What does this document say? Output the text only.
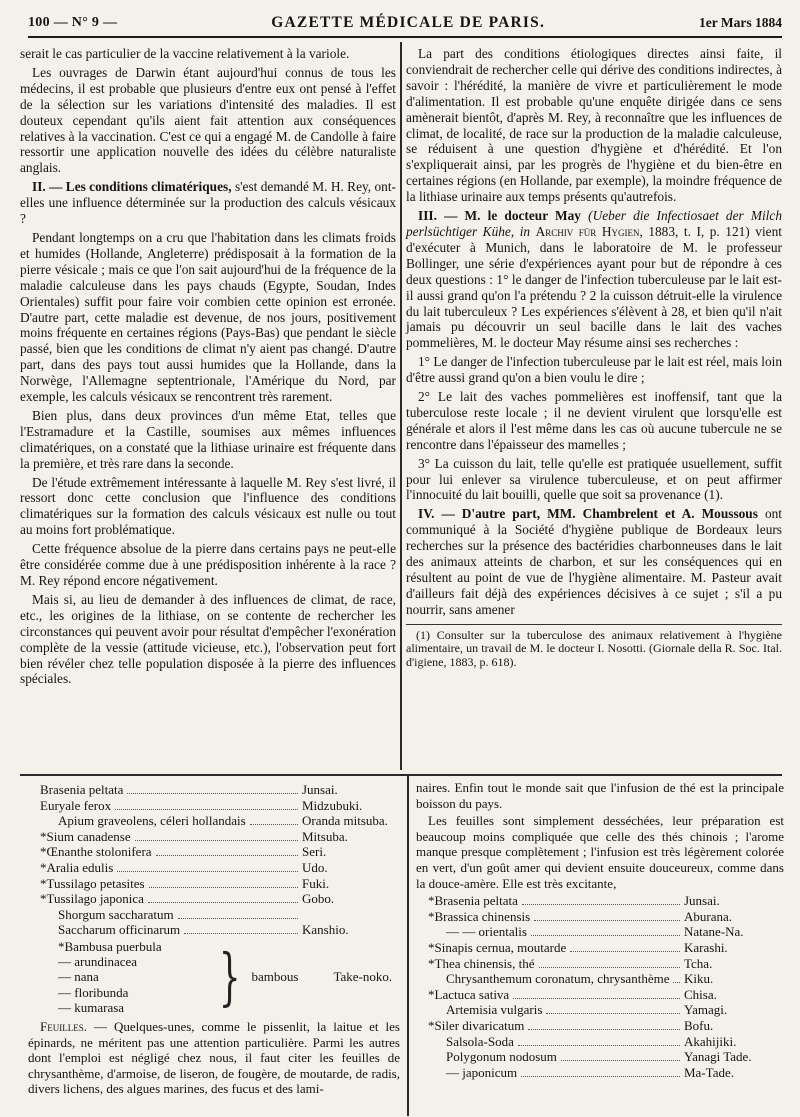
100 — N° 9 —	GAZETTE MÉDICALE DE PARIS.	1er Mars 1884

serait le cas particulier de la vaccine relativement à la variole.

Les ouvrages de Darwin étant aujourd'hui connus de tous les médecins, il est probable que plusieurs d'entre eux ont pensé à l'effet de la sélection sur les variations d'intensité des maladies. Il est douteux cependant qu'ils aient fait attention aux conséquences relatives à la vaccination. C'est ce qui a engagé M. de Candolle à faire ressortir une application nouvelle des idées du célèbre naturaliste anglais.

II. — Les conditions climatériques, s'est demandé M. H. Rey, ont-elles une influence déterminée sur la production des calculs vésicaux ?

Pendant longtemps on a cru que l'habitation dans les climats froids et humides (Hollande, Angleterre) prédisposait à la formation de la pierre vésicale ; mais ce que l'on sait aujourd'hui de la fréquence de la maladie calculeuse dans les pays chauds (Egypte, Soudan, Indes Orientales) suffit pour faire voir combien cette opinion est erronée. D'autre part, cette maladie est devenue, de nos jours, positivement moins fréquente en certaines régions (Pays-Bas) que pendant le siècle passé, bien que les conditions de climat n'y aient pas changé. D'autre part, dans des pays tout aussi humides que la Hollande, dans la Norwège, l'Allemagne septentrionale, l'Amérique du Nord, par exemple, les calculs vésicaux se rencontrent très rarement.

Bien plus, dans deux provinces d'un même Etat, telles que l'Estramadure et la Castille, soumises aux mêmes influences climatériques, on a constaté que la lithiase urinaire est fréquente dans la première, et très rare dans la seconde.

De l'étude extrêmement intéressante à laquelle M. Rey s'est livré, il ressort donc cette conclusion que l'influence des conditions climatériques sur la formation des calculs vésicaux est nulle ou tout au moins fort problématique.

Cette fréquence absolue de la pierre dans certains pays ne peut-elle être considérée comme due à une prédisposition inhérente à la race ? M. Rey répond encore négativement.

Mais si, au lieu de demander à des influences de climat, de race, etc., les origines de la lithiase, on se contente de rechercher les circonstances qui peuvent avoir pour résultat d'empêcher l'exonération complète de la vessie (attitude vicieuse, etc.), l'observation peut fort bien révéler chez telle population disposée à la pierre des influences spéciales.

La part des conditions étiologiques directes ainsi faite, il conviendrait de rechercher celle qui dérive des conditions indirectes, à savoir : l'hérédité, la manière de vivre et particulièrement le mode d'alimentation. Il est probable qu'une enquête dirigée dans ce sens amènerait bientôt, d'après M. Rey, à reconnaître que les influences de climat, de localité, de race sur la production de la maladie calculeuse, se réduisent à une question d'hygiène et d'hérédité. Et l'on s'expliquerait ainsi, par les progrès de l'hygiène et du bien-être en certaines régions (en Hollande, par exemple), la moindre fréquence de la lithiase urinaire aux temps présents qu'autrefois.

III. — M. le docteur May (Ueber die Infectiosaet der Milch perlsüchtiger Kühe, in Archiv für Hygien, 1883, t. I, p. 121) vient d'exécuter à Munich, dans le laboratoire de M. le professeur Bollinger, une série d'expériences ayant pour but de répondre à ces deux questions : 1° le danger de l'infection tuberculeuse par le lait est-il aussi grand qu'on l'a prétendu ? 2 la cuisson détruit-elle la virulence du lait tuberculeux ? Les expériences s'élèvent à 28, et bien qu'il n'ait jamais pu découvrir un seul bacille dans le lait des vaches pommelières, M. le docteur May résume ainsi ses recherches :

1° Le danger de l'infection tuberculeuse par le lait est réel, mais loin d'être aussi grand qu'on a bien voulu le dire ;

2° Le lait des vaches pommelières est inoffensif, tant que la tuberculose reste locale ; il ne devient virulent que lorsqu'elle est générale et alors il l'est même dans les cas où aucune tubercule ne se rencontre dans l'épaisseur des mamelles ;

3° La cuisson du lait, telle qu'elle est pratiquée usuellement, suffit pour lui enlever sa virulence tuberculeuse, et on peut affirmer l'innocuité du lait bouilli, quelle que soit sa provenance (1).

IV. — D'autre part, MM. Chambrelent et A. Moussous ont communiqué à la Société d'hygiène publique de Bordeaux leurs recherches sur la présence des bactéridies charbonneuses dans le lait des animaux atteints de charbon, et sur les conséquences qui en résultent au point de vue de l'hygiène alimentaire. M. Pasteur avait d'ailleurs fait déjà des expériences décisives à ce sujet ; s'il a pu nourrir, sans amener

(1) Consulter sur la tuberculose des animaux relativement à l'hygiène alimentaire, un travail de M. le docteur I. Nosotti. (Giornale della R. Soc. Ital. d'igiene, 1883, p. 618).
Brasenia peltata	Junsai.
Euryale ferox	Midzubuki.
Apium graveolens, céleri hollandais	Oranda mitsuba.
*Sium canadense	Mitsuba.
*Œnanthe stolonifera	Seri.
*Aralia edulis	Udo.
*Tussilago petasites	Fuki.
*Tussilago japonica	Gobo.
Shorgum saccharatum
Saccharum officinarum	Kanshio.
*Bambusa puerbula
— arundinacea
— nana
— floribunda
— kumarasa	} bambous	Take-noko.

Feuilles. — Quelques-unes, comme le pissenlit, la laitue et les épinards, ne méritent pas une attention particulière. Parmi les autres dont l'emploi est négligé chez nous, il faut citer les feuilles de chrysanthème, d'armoise, de liseron, de fougère, de moutarde, de radis, divers lichens, des algues marines, des fucus et des lami-

naires. Enfin tout le monde sait que l'infusion de thé est la principale boisson du pays.

Les feuilles sont simplement desséchées, leur préparation est beaucoup moins compliquée que celle des thés chinois ; l'arome manque presque complètement ; l'infusion est très légèrement colorée en vert, d'un goût amer qui devient ensuite douceureux, comme dans la douce-amère. Elle est très excitante,

*Brasenia peltata	Junsai.
*Brassica chinensis	Aburana.
— — orientalis	Natane-Na.
*Sinapis cernua, moutarde	Karashi.
*Thea chinensis, thé	Tcha.
Chrysanthemum coronatum, chrysanthème Kiku.
*Lactuca sativa	Chisa.
Artemisia vulgaris	Yamagi.
*Siler divaricatum	Bofu.
Salsola-Soda	Akahijiki.
Polygonum nodosum	Yanagi Tade.
— japonicum	Ma-Tade.
